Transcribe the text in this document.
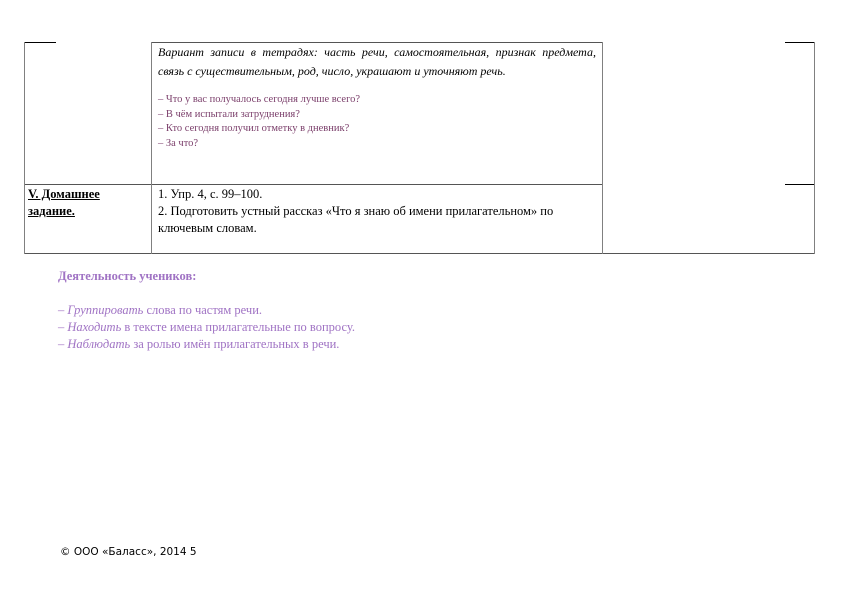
Вариант записи в тетрадях: часть речи, самостоятельная, признак предмета, связь с существительным, род, число, украшают и уточняют речь.
– Что у вас получалось сегодня лучше всего?
– В чём испытали затруднения?
– Кто сегодня получил отметку в дневник?
– За что?
V. Домашнее задание.
1. Упр. 4, с. 99–100.
2. Подготовить устный рассказ «Что я знаю об имени прилагательном» по ключевым словам.
Деятельность учеников:
– Группировать слова по частям речи.
– Находить в тексте имена прилагательные по вопросу.
– Наблюдать за ролью имён прилагательных в речи.
© ООО «Баласс», 2014 5
